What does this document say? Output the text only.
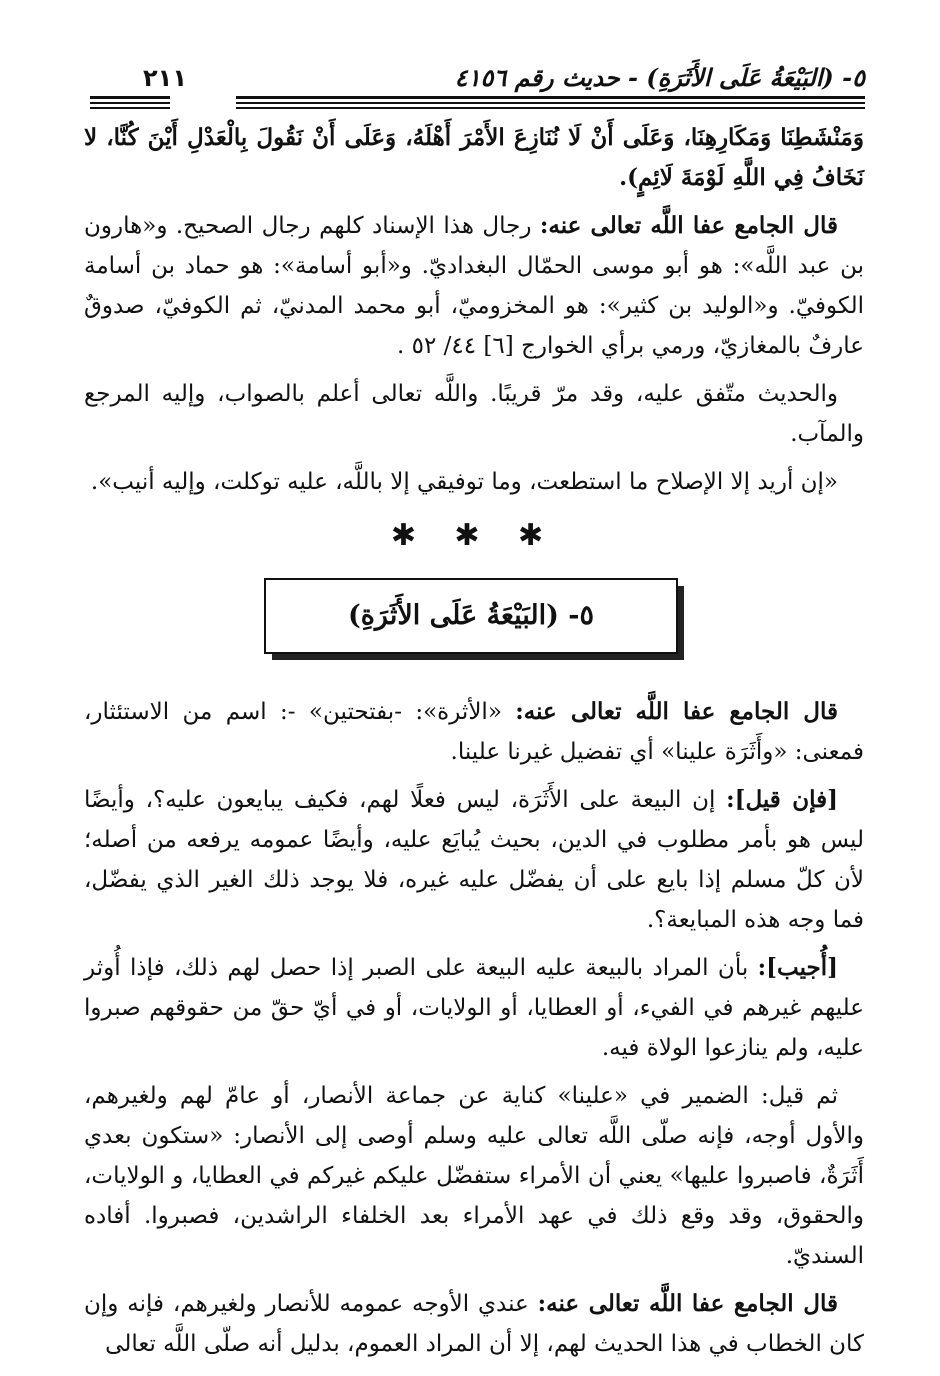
٢١١	٥- (البَيْعَةُ عَلَى الأَثَرَةِ) - حديث رقم ٤١٥٦

وَمَنْشَطِنَا وَمَكَارِهِنَا، وَعَلَى أَنْ لَا نُنَازِعَ الأَمْرَ أَهْلَهُ، وَعَلَى أَنْ نَقُولَ بِالْعَدْلِ أَيْنَ كُنَّا، لا نَخَافُ فِي اللَّهِ لَوْمَةَ لَائِمٍ).

قال الجامع عفا اللَّه تعالى عنه: رجال هذا الإسناد كلهم رجال الصحيح. و«هارون بن عبد اللَّه»: هو أبو موسى الحمّال البغداديّ. و«أبو أسامة»: هو حماد بن أسامة الكوفيّ. و«الوليد بن كثير»: هو المخزوميّ، أبو محمد المدنيّ، ثم الكوفيّ، صدوقٌ عارفٌ بالمغازيّ، ورمي برأي الخوارج [٦] ٤٤/ ٥٢ .

والحديث متّفق عليه، وقد مرّ قريبًا. واللَّه تعالى أعلم بالصواب، وإليه المرجع والمآب.

«إن أريد إلا الإصلاح ما استطعت، وما توفيقي إلا باللَّه، عليه توكلت، وإليه أنيب».

✱ ✱ ✱
٥- (البَيْعَةُ عَلَى الأَثَرَةِ)

قال الجامع عفا اللَّه تعالى عنه: «الأثرة»: -بفتحتين» -: اسم من الاستئثار، فمعنى: «وأَثَرَة علينا» أي تفضيل غيرنا علينا.

[فإن قيل]: إن البيعة على الأَثَرَة، ليس فعلًا لهم، فكيف يبايعون عليه؟، وأيضًا ليس هو بأمر مطلوب في الدين، بحيث يُبايَع عليه، وأيضًا عمومه يرفعه من أصله؛ لأن كلّ مسلم إذا بايع على أن يفضّل عليه غيره، فلا يوجد ذلك الغير الذي يفضّل، فما وجه هذه المبايعة؟.

[أُجيب]: بأن المراد بالبيعة عليه البيعة على الصبر إذا حصل لهم ذلك، فإذا أُوثر عليهم غيرهم في الفيء، أو العطايا، أو الولايات، أو في أيّ حقّ من حقوقهم صبروا عليه، ولم ينازعوا الولاة فيه.

ثم قيل: الضمير في «علينا» كناية عن جماعة الأنصار، أو عامّ لهم ولغيرهم، والأول أوجه، فإنه صلّى اللَّه تعالى عليه وسلم أوصى إلى الأنصار: «ستكون بعدي أَثَرَةٌ، فاصبروا عليها» يعني أن الأمراء ستفضّل عليكم غيركم في العطايا، و الولايات، والحقوق، وقد وقع ذلك في عهد الأمراء بعد الخلفاء الراشدين، فصبروا. أفاده السنديّ.

قال الجامع عفا اللَّه تعالى عنه: عندي الأوجه عمومه للأنصار ولغيرهم، فإنه وإن كان الخطاب في هذا الحديث لهم، إلا أن المراد العموم، بدليل أنه صلّى اللَّه تعالى
